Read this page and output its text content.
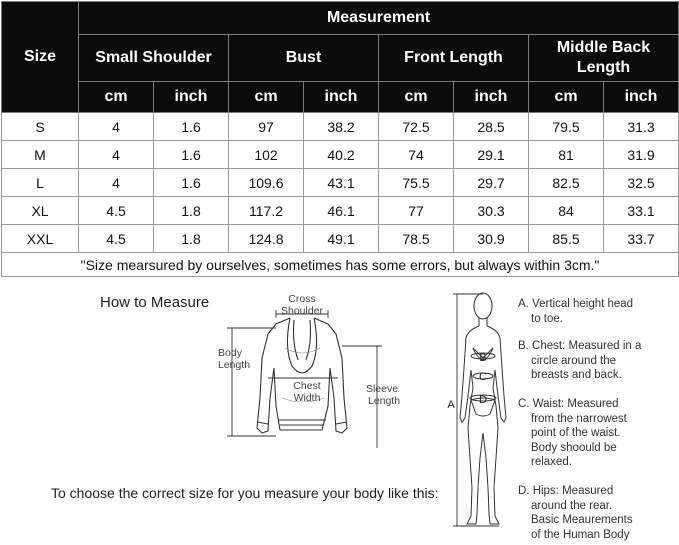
Size	Measurement							
	Small Shoulder		Bust		Front Length		Middle Back Length	
	cm	inch	cm	inch	cm	inch	cm	inch
S	4	1.6	97	38.2	72.5	28.5	79.5	31.3
M	4	1.6	102	40.2	74	29.1	81	31.9
L	4	1.6	109.6	43.1	75.5	29.7	82.5	32.5
XL	4.5	1.8	117.2	46.1	77	30.3	84	33.1
XXL	4.5	1.8	124.8	49.1	78.5	30.9	85.5	33.7
"Size mearsured by ourselves, sometimes has some errors, but always within 3cm."								
How to Measure	Cross
Shoulder
Body
Length
Chest
Width
Sleeve
Length	A
B
C
D
A. Vertical height head
to toe.
B. Chest: Measured in a
circle around the
breasts and back.
C. Waist: Measured
from the narrowest
point of the waist.
Body shoould be
relaxed.
D. Hips: Measured
around the rear.
Basic Meaurements
of the Human Body
To choose the correct size for you measure your body like this:
